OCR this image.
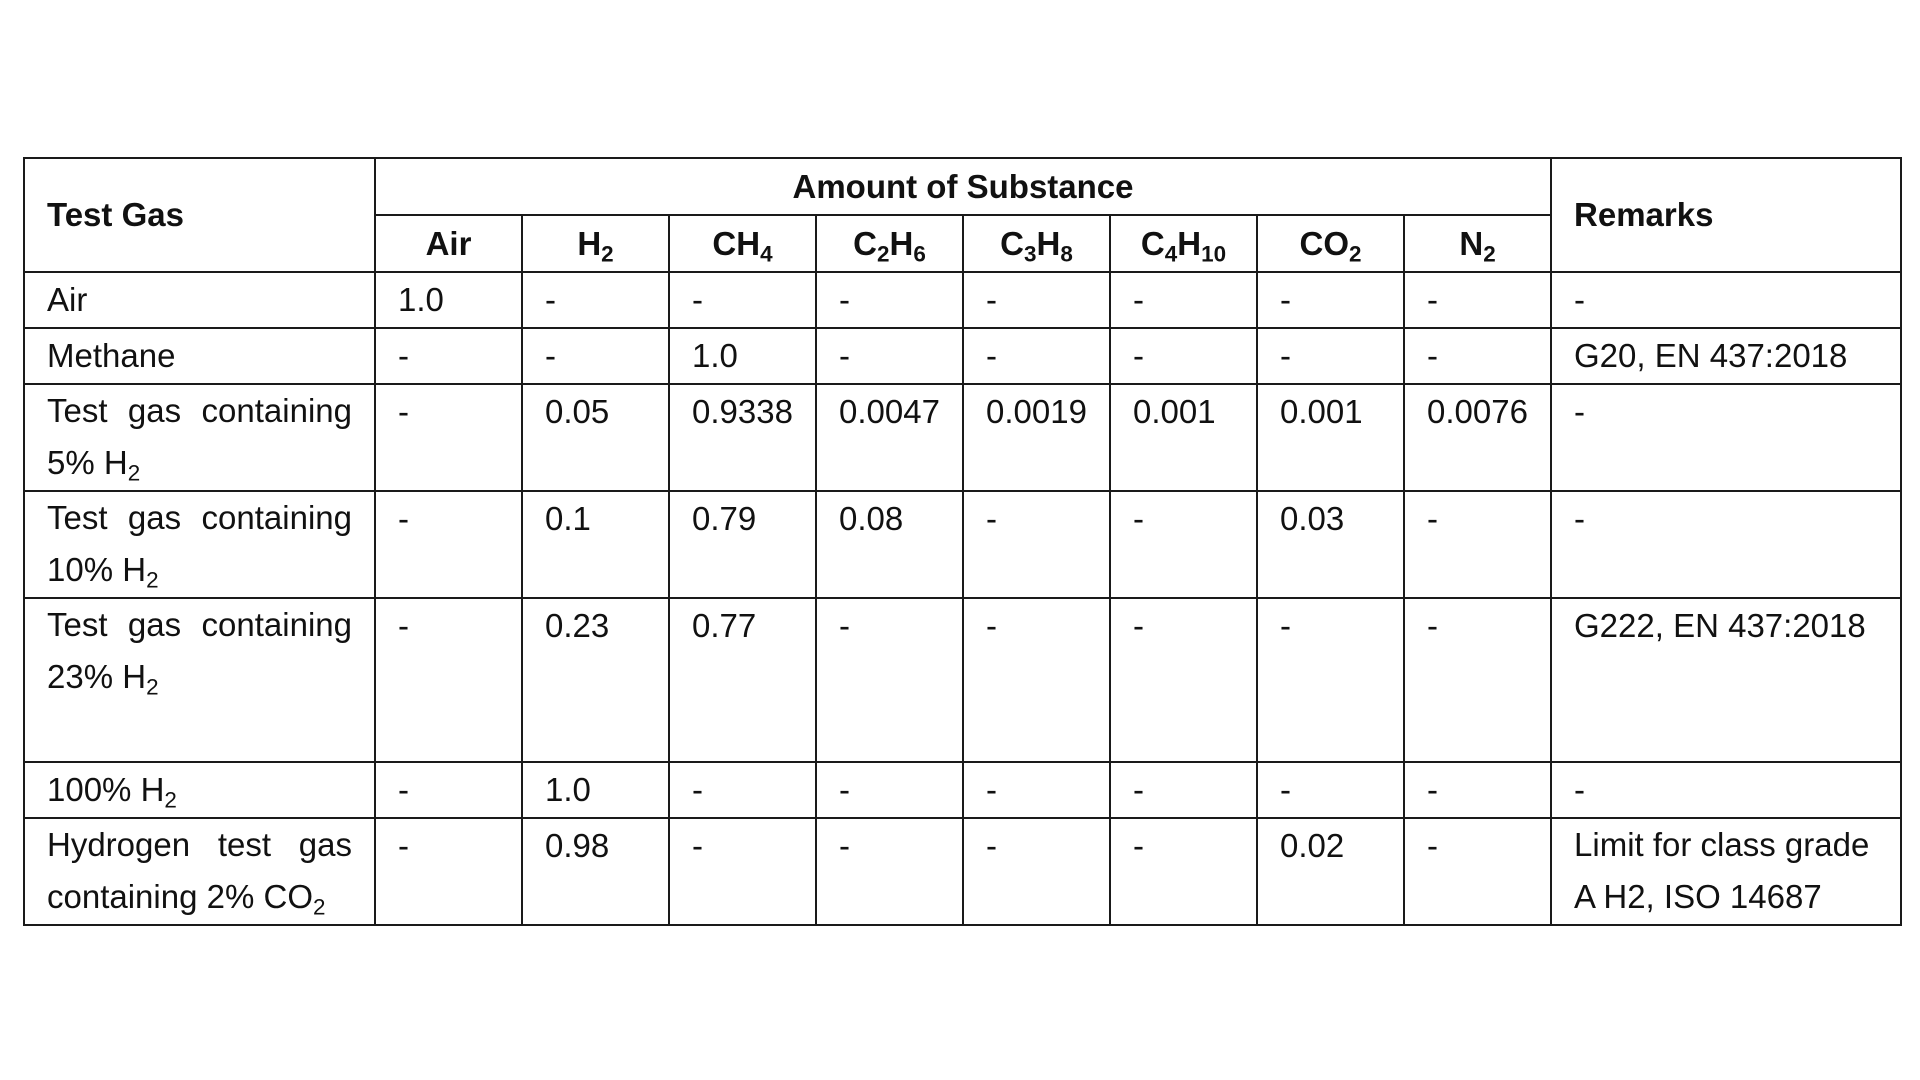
Test Gas	Amount of Substance								Remarks
	Air	$H_2$	$CH_4$	$C_2H_6$	$C_3H_8$	$C_4H_{10}$	$CO_2$	$N_2$
Air	1.0	-	-	-	-	-	-	-	-

Methane	-	-	1.0	-	-	-	-	-	G20, EN 437:2018

Test gas containing
5% $H_2$	-	0.05	0.9338	0.0047	0.0019	0.001	0.001	0.0076	-

Test gas containing
10% $H_2$	-	0.1	0.79	0.08	-	-	0.03	-	-

Test gas containing
23% $H_2$	-	0.23	0.77	-	-	-	-	-	G222, EN 437:2018

100% $H_2$	-	1.0	-	-	-	-	-	-	-

Hydrogen test gas
containing 2% $CO_2$	-	0.98	-	-	-	-	0.02	-	Limit for class grade A H2, ISO 14687
